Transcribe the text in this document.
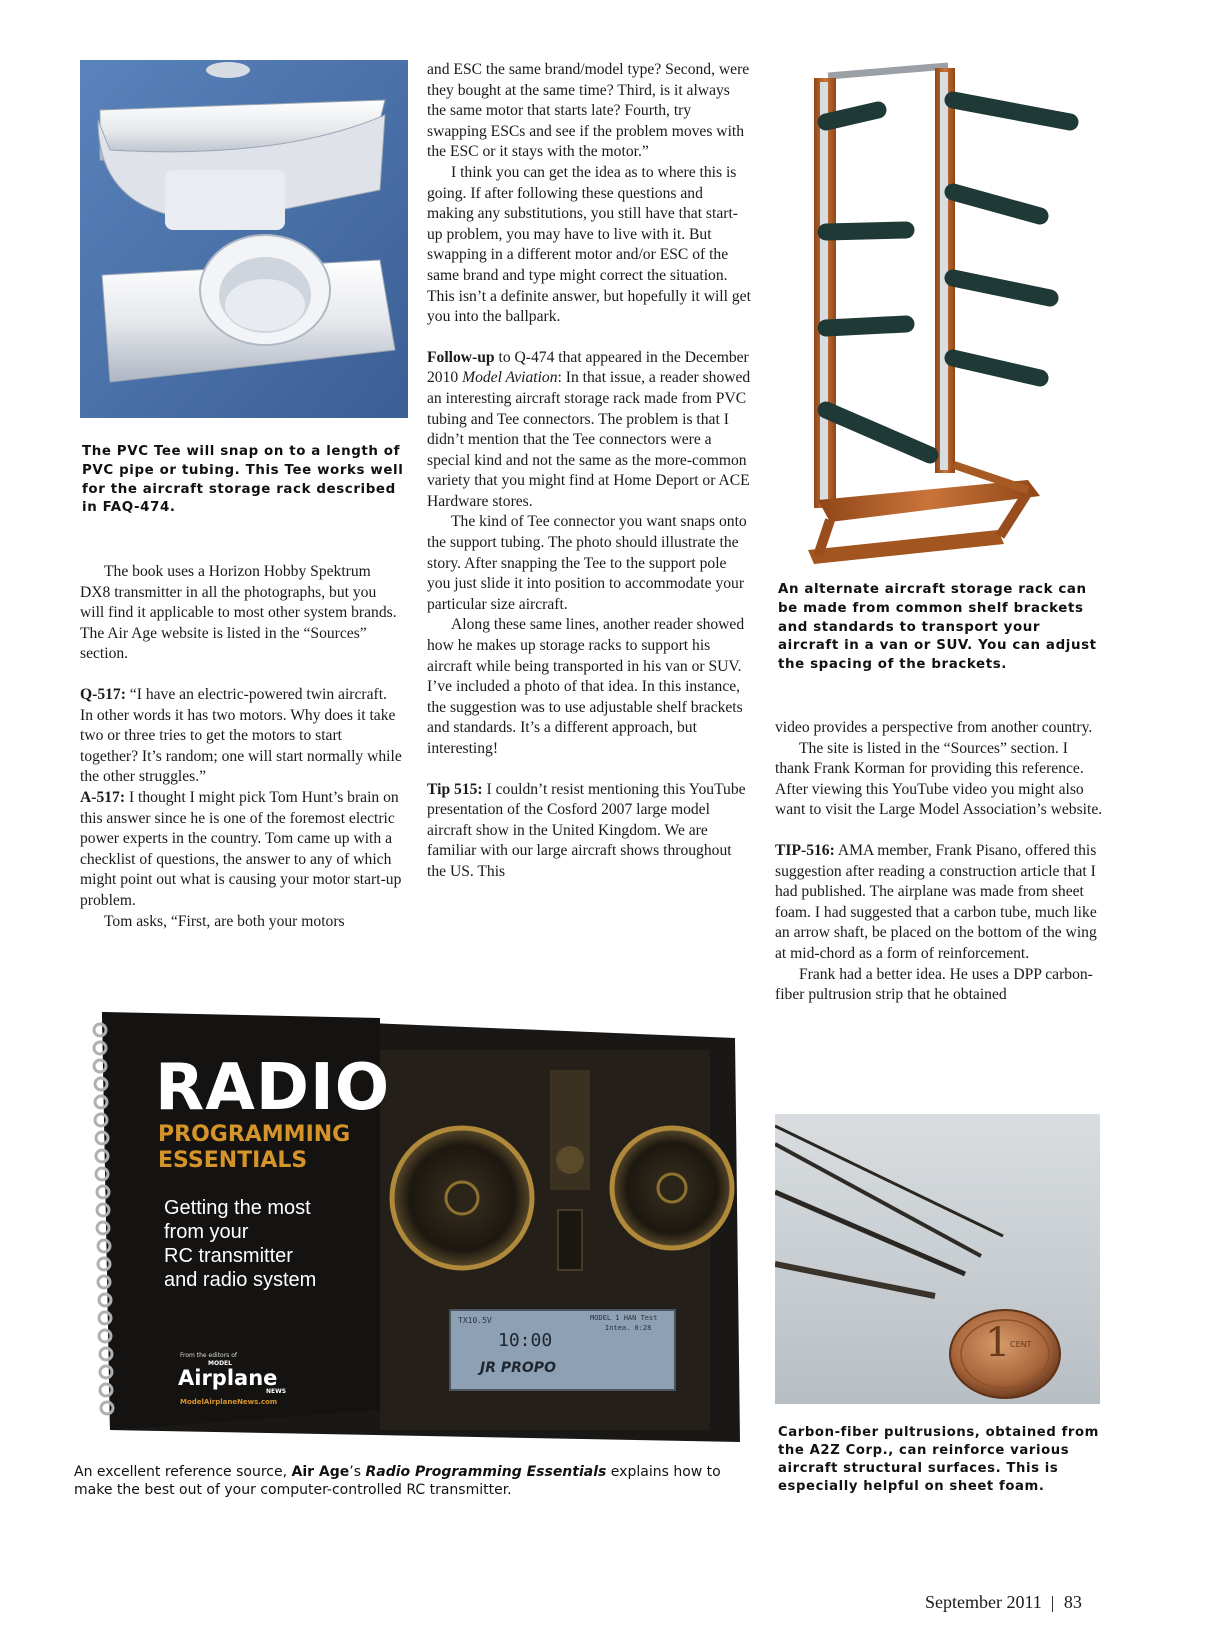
The PVC Tee will snap on to a length of PVC pipe or tubing. This Tee works well for the aircraft storage rack described in FAQ-474.
An alternate aircraft storage rack can be made from common shelf brackets and standards to transport your aircraft in a van or SUV. You can adjust the spacing of the brackets.

The book uses a Horizon Hobby Spektrum DX8 transmitter in all the photographs, but you will find it applicable to most other system brands. The Air Age website is listed in the “Sources” section.

Q-517: “I have an electric-powered twin aircraft. In other words it has two motors. Why does it take two or three tries to get the motors to start together? It’s random; one will start normally while the other struggles.”

A-517: I thought I might pick Tom Hunt’s brain on this answer since he is one of the foremost electric power experts in the country. Tom came up with a checklist of questions, the answer to any of which might point out what is causing your motor start-up problem.

Tom asks, “First, are both your motors

and ESC the same brand/model type? Second, were they bought at the same time? Third, is it always the same motor that starts late? Fourth, try swapping ESCs and see if the problem moves with the ESC or it stays with the motor.”

I think you can get the idea as to where this is going. If after following these questions and making any substitutions, you still have that start-up problem, you may have to live with it. But swapping in a different motor and/or ESC of the same brand and type might correct the situation. This isn’t a definite answer, but hopefully it will get you into the ballpark.

Follow-up to Q-474 that appeared in the December 2010 Model Aviation: In that issue, a reader showed an interesting aircraft storage rack made from PVC tubing and Tee connectors. The problem is that I didn’t mention that the Tee connectors were a special kind and not the same as the more-common variety that you might find at Home Deport or ACE Hardware stores.

The kind of Tee connector you want snaps onto the support tubing. The photo should illustrate the story. After snapping the Tee to the support pole you just slide it into position to accommodate your particular size aircraft.

Along these same lines, another reader showed how he makes up storage racks to support his aircraft while being transported in his van or SUV. I’ve included a photo of that idea. In this instance, the suggestion was to use adjustable shelf brackets and standards. It’s a different approach, but interesting!

Tip 515: I couldn’t resist mentioning this YouTube presentation of the Cosford 2007 large model aircraft show in the United Kingdom. We are familiar with our large aircraft shows throughout the US. This

video provides a perspective from another country.

The site is listed in the “Sources” section. I thank Frank Korman for providing this reference. After viewing this YouTube video you might also want to visit the Large Model Association’s website.

TIP-516: AMA member, Frank Pisano, offered this suggestion after reading a construction article that I had published. The airplane was made from sheet foam. I had suggested that a carbon tube, much like an arrow shaft, be placed on the bottom of the wing at mid-chord as a form of reinforcement.

Frank had a better idea. He uses a DPP carbon-fiber pultrusion strip that he obtained

RADIO
PROGRAMMING
ESSENTIALS
Getting the most
from your
RC transmitter
and radio system
From the editors of
MODEL
Airplane
NEWS
ModelAirplaneNews.com
TX10.5V	MODEL 1 HAN Test
Intea. 0:28
10:00
JR PROPO
An excellent reference source, Air Age’s Radio Programming Essentials explains how to make the best out of your computer-controlled RC transmitter.
1 CENT
Carbon-fiber pultrusions, obtained from the A2Z Corp., can reinforce various aircraft structural surfaces. This is especially helpful on sheet foam.
September 2011 83
